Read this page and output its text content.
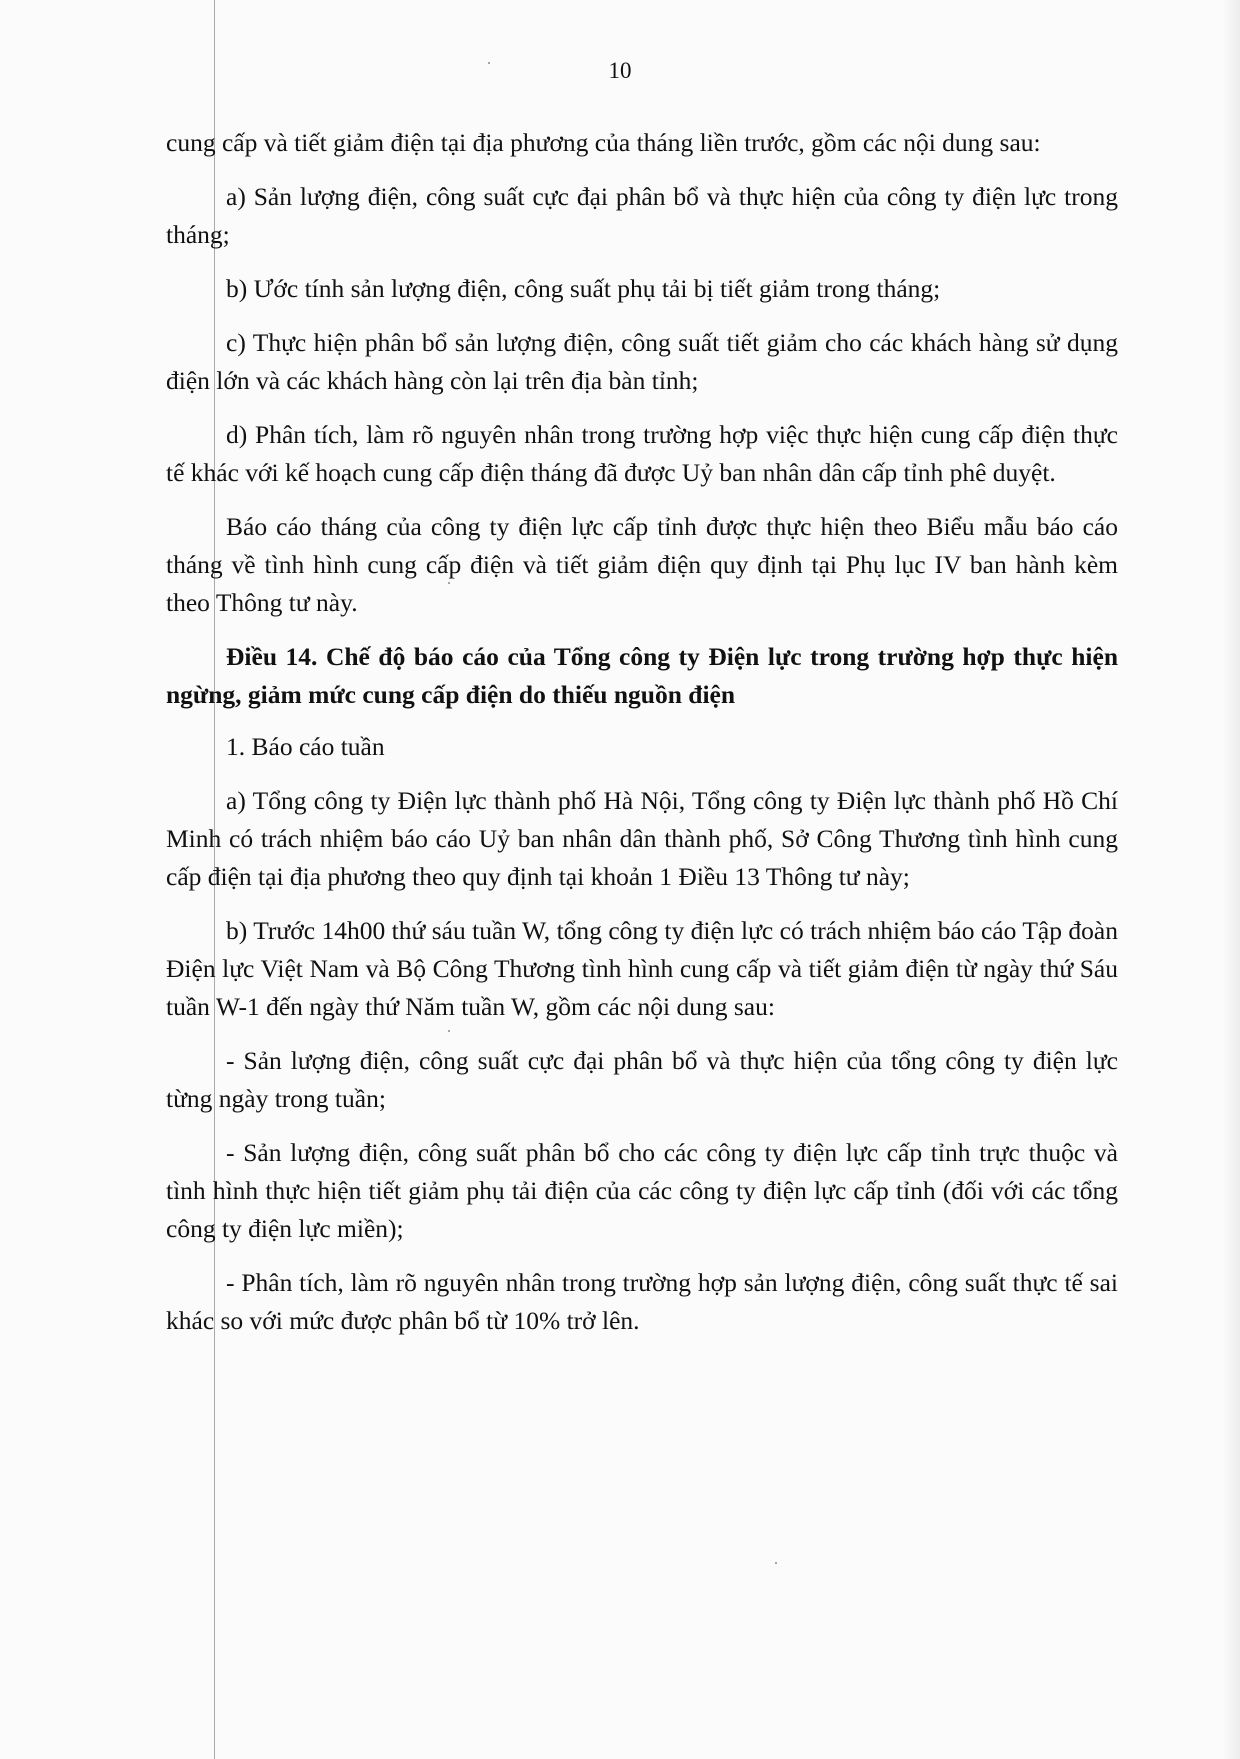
10

cung cấp và tiết giảm điện tại địa phương của tháng liền trước, gồm các nội dung sau:

a) Sản lượng điện, công suất cực đại phân bổ và thực hiện của công ty điện lực trong tháng;

b) Ước tính sản lượng điện, công suất phụ tải bị tiết giảm trong tháng;

c) Thực hiện phân bổ sản lượng điện, công suất tiết giảm cho các khách hàng sử dụng điện lớn và các khách hàng còn lại trên địa bàn tỉnh;

d) Phân tích, làm rõ nguyên nhân trong trường hợp việc thực hiện cung cấp điện thực tế khác với kế hoạch cung cấp điện tháng đã được Uỷ ban nhân dân cấp tỉnh phê duyệt.

Báo cáo tháng của công ty điện lực cấp tỉnh được thực hiện theo Biểu mẫu báo cáo tháng về tình hình cung cấp điện và tiết giảm điện quy định tại Phụ lục IV ban hành kèm theo Thông tư này.

Điều 14. Chế độ báo cáo của Tổng công ty Điện lực trong trường hợp thực hiện ngừng, giảm mức cung cấp điện do thiếu nguồn điện

1. Báo cáo tuần

a) Tổng công ty Điện lực thành phố Hà Nội, Tổng công ty Điện lực thành phố Hồ Chí Minh có trách nhiệm báo cáo Uỷ ban nhân dân thành phố, Sở Công Thương tình hình cung cấp điện tại địa phương theo quy định tại khoản 1 Điều 13 Thông tư này;

b) Trước 14h00 thứ sáu tuần W, tổng công ty điện lực có trách nhiệm báo cáo Tập đoàn Điện lực Việt Nam và Bộ Công Thương tình hình cung cấp và tiết giảm điện từ ngày thứ Sáu tuần W-1 đến ngày thứ Năm tuần W, gồm các nội dung sau:

- Sản lượng điện, công suất cực đại phân bổ và thực hiện của tổng công ty điện lực từng ngày trong tuần;

- Sản lượng điện, công suất phân bổ cho các công ty điện lực cấp tỉnh trực thuộc và tình hình thực hiện tiết giảm phụ tải điện của các công ty điện lực cấp tỉnh (đối với các tổng công ty điện lực miền);

- Phân tích, làm rõ nguyên nhân trong trường hợp sản lượng điện, công suất thực tế sai khác so với mức được phân bổ từ 10% trở lên.
